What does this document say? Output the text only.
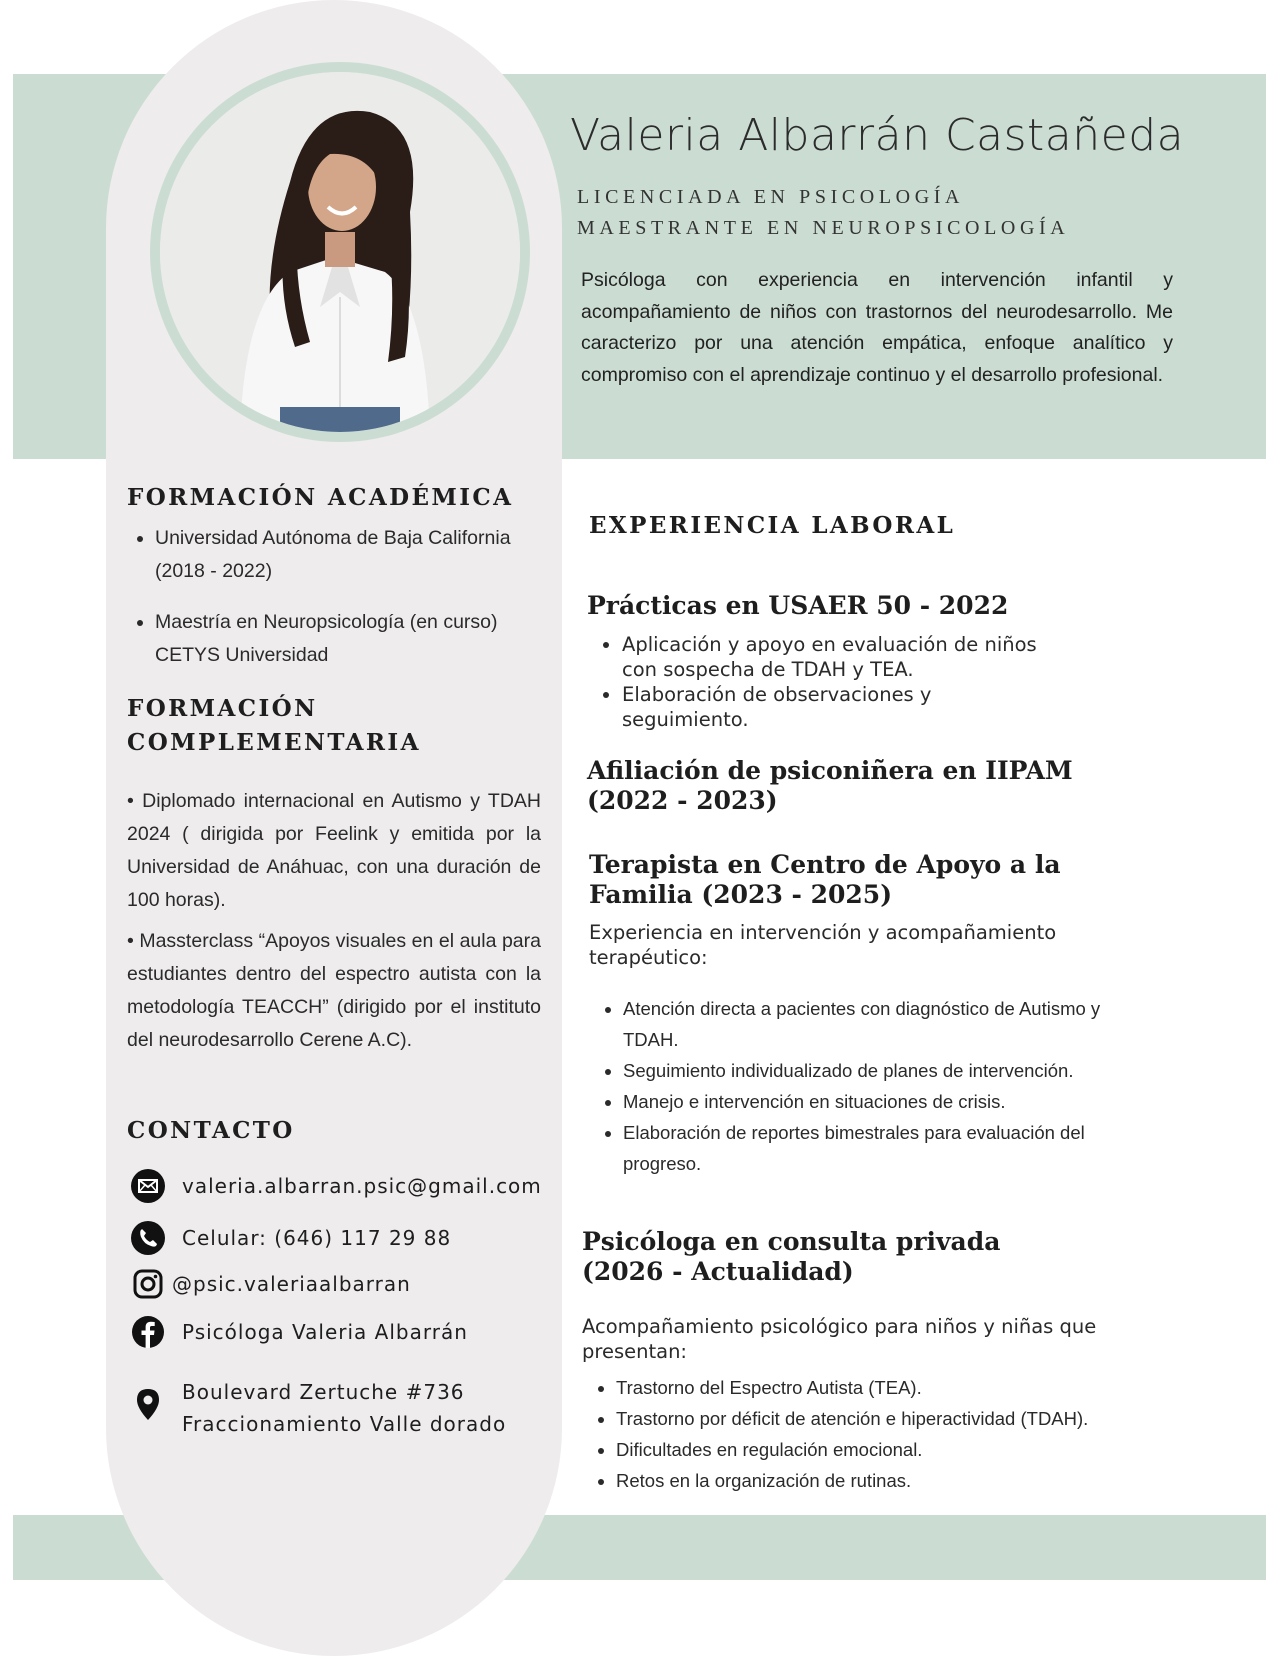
Valeria Albarrán Castañeda
LICENCIADA EN PSICOLOGÍA
MAESTRANTE EN NEUROPSICOLOGÍA
Psicóloga con experiencia en intervención infantil y acompañamiento de niños con trastornos del neurodesarrollo. Me caracterizo por una atención empática, enfoque analítico y compromiso con el aprendizaje continuo y el desarrollo profesional.
FORMACIÓN ACADÉMICA
• Universidad Autónoma de Baja California (2018 - 2022)
• Maestría en Neuropsicología (en curso) CETYS Universidad
FORMACIÓN
COMPLEMENTARIA
• Diplomado internacional en Autismo y TDAH 2024 ( dirigida por Feelink y emitida por la Universidad de Anáhuac, con una duración de 100 horas).
• Massterclass “Apoyos visuales en el aula para estudiantes dentro del espectro autista con la metodología TEACCH” (dirigido por el instituto del neurodesarrollo Cerene A.C).
CONTACTO
valeria.albarran.psic@gmail.com
Celular: (646) 117 29 88
@psic.valeriaalbarran
Psicóloga Valeria Albarrán
Boulevard Zertuche #736
Fraccionamiento Valle dorado
EXPERIENCIA LABORAL
Prácticas en USAER 50 - 2022
• Aplicación y apoyo en evaluación de niños con sospecha de TDAH y TEA.
• Elaboración de observaciones y seguimiento.
Afiliación de psiconiñera en IIPAM
(2022 - 2023)
Terapista en Centro de Apoyo a la
Familia (2023 - 2025)
Experiencia en intervención y acompañamiento terapéutico:
• Atención directa a pacientes con diagnóstico de Autismo y TDAH.
• Seguimiento individualizado de planes de intervención.
• Manejo e intervención en situaciones de crisis.
• Elaboración de reportes bimestrales para evaluación del progreso.
Psicóloga en consulta privada
(2026 - Actualidad)
Acompañamiento psicológico para niños y niñas que presentan:
• Trastorno del Espectro Autista (TEA).
• Trastorno por déficit de atención e hiperactividad (TDAH).
• Dificultades en regulación emocional.
• Retos en la organización de rutinas.
